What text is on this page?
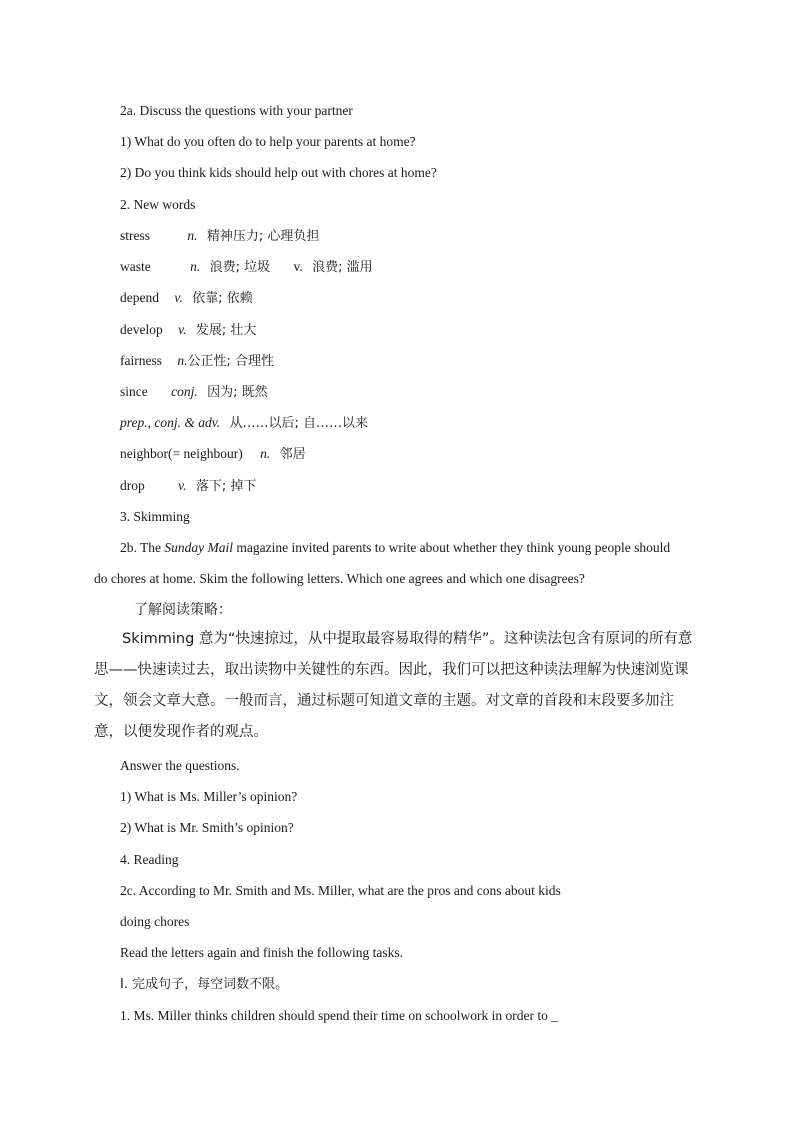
2a. Discuss the questions with your partner
1) What do you often do to help your parents at home?
2) Do you think kids should help out with chores at home?
2. New words
stress	n. 精神压力; 心理负担
waste	n. 浪费; 垃圾 v. 浪费; 滥用
depend v. 依靠; 依赖
develop v. 发展; 壮大
fairness n.公正性; 合理性
since conj. 因为; 既然
prep., conj. & adv. 从……以后; 自……以来
neighbor(= neighbour) n. 邻居
drop v. 落下; 掉下
3. Skimming
2b. The Sunday Mail magazine invited parents to write about whether they think young people should
do chores at home. Skim the following letters. Which one agrees and which one disagrees?
了解阅读策略：
Skimming 意为“快速掠过，从中提取最容易取得的精华”。这种读法包含有原词的所有意思——快速读过去，取出读物中关键性的东西。因此，我们可以把这种读法理解为快速浏览课文，领会文章大意。一般而言，通过标题可知道文章的主题。对文章的首段和末段要多加注意，以便发现作者的观点。
Answer the questions.
1) What is Ms. Miller’s opinion?
2) What is Mr. Smith’s opinion?
4. Reading
2c. According to Mr. Smith and Ms. Miller, what are the pros and cons about kids
doing chores
Read the letters again and finish the following tasks.
I. 完成句子，每空词数不限。
1. Ms. Miller thinks children should spend their time on schoolwork in order to _
